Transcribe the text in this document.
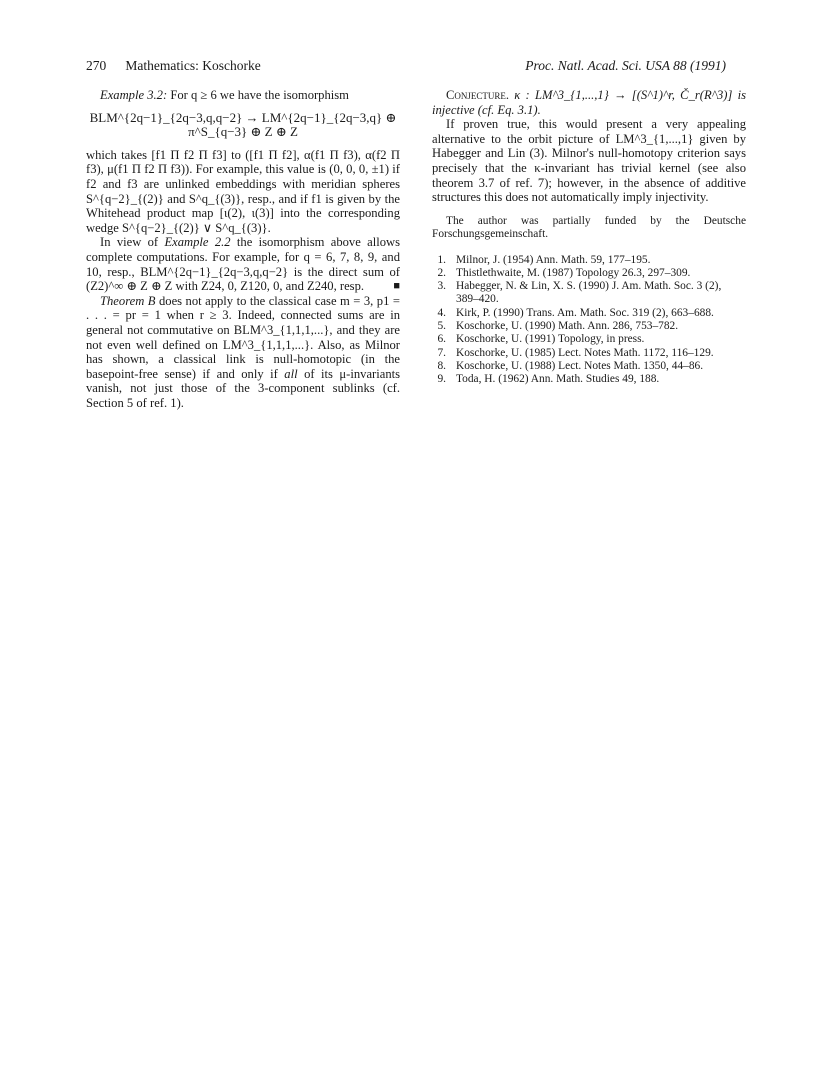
270 Mathematics: Koschorke	Proc. Natl. Acad. Sci. USA 88 (1991)

Example 3.2: For q ≥ 6 we have the isomorphism

BLM^{2q−1}_{2q−3,q,q−2} → LM^{2q−1}_{2q−3,q} ⊕ π^S_{q−3} ⊕ Z ⊕ Z

which takes [f1 Π f2 Π f3] to ([f1 Π f2], α(f1 Π f3), α(f2 Π f3), μ(f1 Π f2 Π f3)). For example, this value is (0, 0, 0, ±1) if f2 and f3 are unlinked embeddings with meridian spheres S^{q−2}_{(2)} and S^q_{(3)}, resp., and if f1 is given by the Whitehead product map [ι(2), ι(3)] into the corresponding wedge S^{q−2}_{(2)} ∨ S^q_{(3)}.

In view of Example 2.2 the isomorphism above allows complete computations. For example, for q = 6, 7, 8, 9, and 10, resp., BLM^{2q−1}_{2q−3,q,q−2} is the direct sum of (Z2)^∞ ⊕ Z ⊕ Z with Z24, 0, Z120, 0, and Z240, resp.	■

Theorem B does not apply to the classical case m = 3, p1 = . . . = pr = 1 when r ≥ 3. Indeed, connected sums are in general not commutative on BLM^3_{1,1,1,...}, and they are not even well defined on LM^3_{1,1,1,...}. Also, as Milnor has shown, a classical link is null-homotopic (in the basepoint-free sense) if and only if all of its μ-invariants vanish, not just those of the 3-component sublinks (cf. Section 5 of ref. 1).

Conjecture. κ : LM^3_{1,...,1} → [(S^1)^r, Č_r(R^3)] is injective (cf. Eq. 3.1).

If proven true, this would present a very appealing alternative to the orbit picture of LM^3_{1,...,1} given by Habegger and Lin (3). Milnor's null-homotopy criterion says precisely that the κ-invariant has trivial kernel (see also theorem 3.7 of ref. 7); however, in the absence of additive structures this does not automatically imply injectivity.

The author was partially funded by the Deutsche Forschungsgemeinschaft.

1. Milnor, J. (1954) Ann. Math. 59, 177–195.
2. Thistlethwaite, M. (1987) Topology 26.3, 297–309.
3. Habegger, N. & Lin, X. S. (1990) J. Am. Math. Soc. 3 (2), 389–420.
4. Kirk, P. (1990) Trans. Am. Math. Soc. 319 (2), 663–688.
5. Koschorke, U. (1990) Math. Ann. 286, 753–782.
6. Koschorke, U. (1991) Topology, in press.
7. Koschorke, U. (1985) Lect. Notes Math. 1172, 116–129.
8. Koschorke, U. (1988) Lect. Notes Math. 1350, 44–86.
9. Toda, H. (1962) Ann. Math. Studies 49, 188.
